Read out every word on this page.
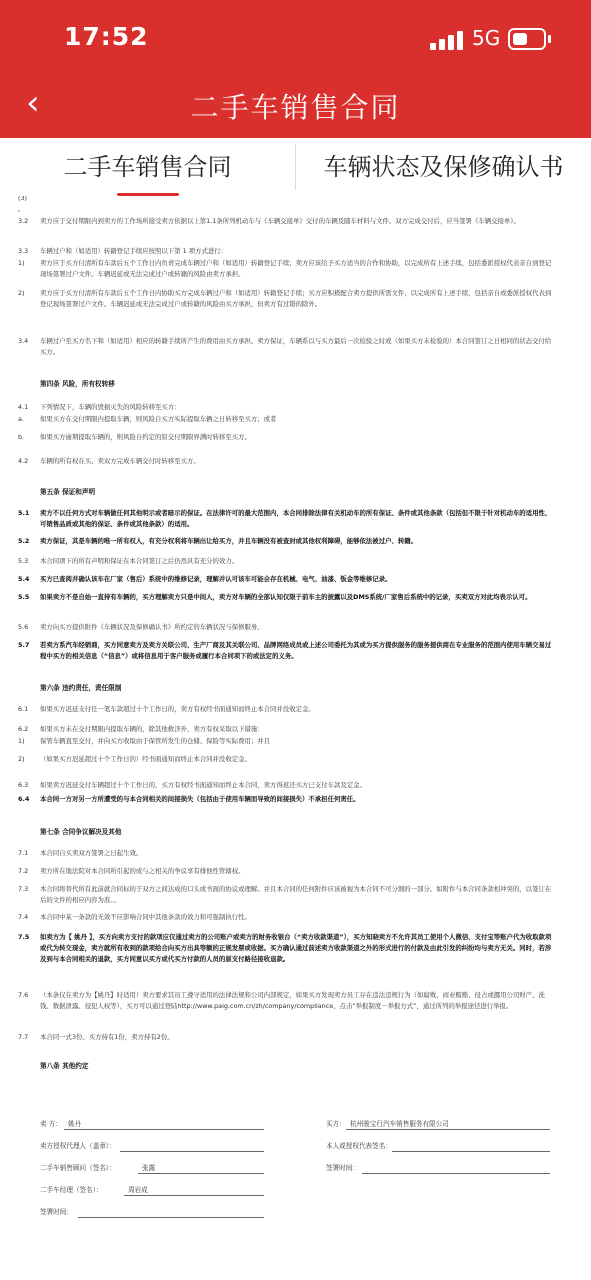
17:52	5G
‹	二手车销售合同
二手车销售合同	车辆状态及保修确认书
(3) 。
3.2 卖方应于交付期限内到卖方的工作场所接受卖方依据以上第1.1条所列机动车与《车辆交接单》交付的车辆及随车材料与文件。双方完成交付后，应当签署《车辆交接单》。
3.3 车辆过户和（如适用）转籍登记手续应按照以下第 1 项方式进行：
1) 卖方应于买方付清所有车款后五个工作日内负责完成车辆过户和（如适用）转籍登记手续；卖方应该给予买方适当的合作和协助，以完成所有上述手续，包括委派授权代表亲自到登记现场签署过户文件。车辆迟延或无法完成过户或转籍的风险由卖方承担。
2) 卖方应于买方付清所有车款后五个工作日内协助买方完成车辆过户和（如适用）转籍登记手续；买方应积极配合卖方提供所需文件，以完成所有上述手续，包括亲自或委派授权代表到登记现场签署过户文件。车辆迟延或无法完成过户或转籍的风险由买方承担，但卖方有过错的除外。
3.4 车辆过户至买方名下和（如适用）相应的转籍手续所产生的费用由买方承担。卖方保证，车辆系以与买方最后一次检验之时或（如果买方未检验的）本合同签订之日相同的状态交付给买方。
第四条 风险，所有权转移
4.1 下列情况下，车辆的毁损灭失的风险转移至买方：
a.	如果买方在交付期限内提取车辆，则风险自买方实际提取车辆之日转移至买方；或者
b. 如果买方逾期提取车辆的，则风险自约定的原交付期限界满时转移至买方。
4.2 车辆的所有权在买、卖双方完成车辆交付时转移至买方。
第五条 保证和声明
5.1 卖方不以任何方式对车辆做任何其他明示或者暗示的保证。在法律许可的最大范围内，本合同排除法律有关机动车的所有保证、条件或其他条款（包括但不限于针对机动车的适用性、可销售品质或其他的保证、条件或其他条款）的适用。
5.2 卖方保证，其是车辆的唯一所有权人，有充分权利将车辆出让给买方，并且车辆没有被查封或其他权利障碍，能够依法被过户、转籍。
5.3 本合同项下的所有声明和保证在本合同签订之后仍然具有充分的效力。
5.4 买方已查阅并确认该车在厂家（售后）系统中的维修记录，理解并认可该车可能会存在机械、电气、油漆、钣金等维修记录。
5.5 如果卖方不是自始一直持有车辆的，买方理解卖方只是中间人，卖方对车辆的全部认知仅限于前车主的披露以及DMS系统/厂家售后系统中的记录，买卖双方对此均表示认可。
5.6 卖方向买方提供附件《车辆状况及保修确认书》所约定的车辆状况与保修服务。
5.7 若卖方系汽车经销商，买方同意卖方及卖方关联公司、生产厂商及其关联公司、品牌网络成员或上述公司委托为其或为买方提供服务的服务提供商在专业服务的范围内使用车辆交易过程中买方的相关信息（“信息”）或将信息用于客户服务或履行本合同项下的或法定的义务。
第六条 违约责任，责任限制
6.1 如果买方迟延支付任一笔车款超过十个工作日的，卖方有权经书面通知而终止本合同并没收定金。
6.2 如果买方未在交付期限内提取车辆的，除其他救济外，卖方有权采取以下措施：
1) 保管车辆直至交付，并向买方收取由于保管所发生的仓储、保险等实际费用；并且
2) （如果买方迟延超过十个工作日的）经书面通知而终止本合同并没收定金。
6.3 如果卖方迟延交付车辆超过十个工作日的，买方有权经书面通知而终止本合同，卖方得返还买方已支付车款及定金。
6.4 本合同一方对另一方所遭受的与本合同相关的间接损失（包括由于使用车辆而导致的间接损失）不承担任何责任。
第七条 合同争议解决及其他
7.1 本合同自买卖双方签署之日起生效。
7.2 卖方所在地法院对本合同所引起的或与之相关的争议享有排他性管辖权。
7.3 本合同将替代所有此前就合同标的于双方之间达成的口头或书面的协议或理解。并且本合同的任何附件应该被视为本合同不可分割的一部分。如附件与本合同条款相冲突的，以签订在后的文件的相应内容为准。。
7.4 本合同中某一条款的无效不应影响合同中其他条款的效力和可强制执行性。
7.5 如卖方为【 姚丹 】，买方向卖方支付的款项应仅通过卖方的公司账户或卖方的财务收银台（“卖方收款渠道”），买方知晓卖方不允许其员工使用个人微信、支付宝等账户代为收取款项或代为转交现金，卖方就所有收到的款项给合向买方出具等额的正规发票或收据。买方确认通过前述卖方收款渠道之外的形式进行的付款及由此引发的纠纷均与卖方无关。同时，若涉及到与本合同相关的退款，买方同意以买方或代买方付款的人员的原支付路径接收退款。
7.6 （本条仅在卖方为【姚丹】时适用）卖方要求其员工遵守适用的法律法规和公司内部规定，如果买方发现卖方员工存在违法违规行为（如腐败、商业贿赂、侵占或挪用公司财产、洗钱、数据泄露、侵犯人权等），买方可以通过登陆http://www.paig.com.cn/zh/company/compliance、点击“举报制度－举报方式”，通过所列的举报途径进行举报。
7.7 本合同一式3份。买方持有1份，卖方持有2份。
第八条 其他约定
卖 方： 姚丹	买方： 杭州骏宝行汽车销售服务有限公司
卖方授权代理人（盖章）：	本人或授权代表签名：
二手车销售顾问（签名）：	张露	签署时间：
二手车经理（签名）：	周岩成
签署时间：
